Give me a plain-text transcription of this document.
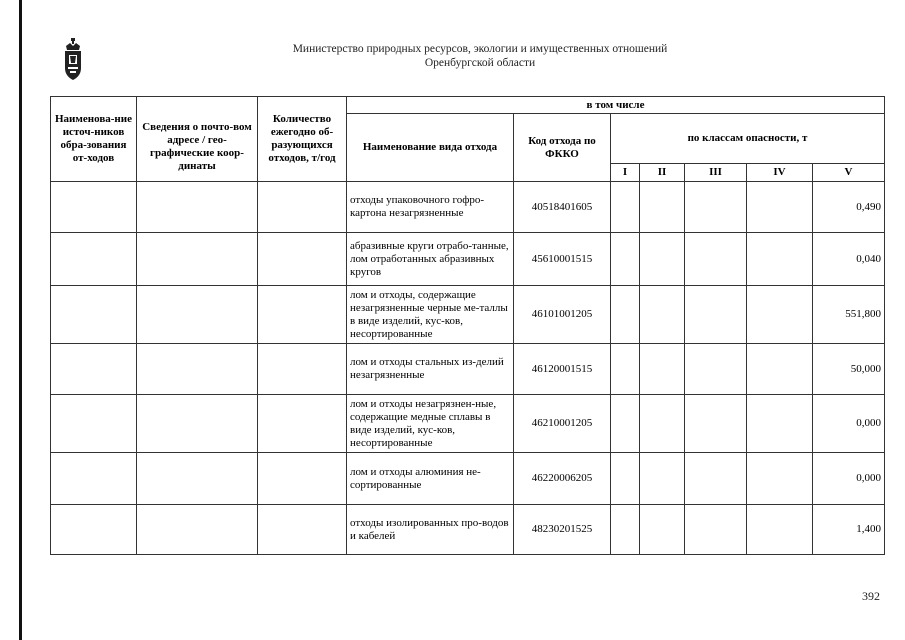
Министерство природных ресурсов, экологии и имущественных отношений
Оренбургской области
Наименова-ние источ-ников обра-зования от-ходов	Сведения о почто-вом адресе / гео-графические коор-динаты	Количество ежегодно об-разующихся отходов, т/год	в том числе						
			Наименование вида отхода	Код отхода по ФККО	по классам опасности, т				
					I	II	III	IV	V
			отходы упаковочного гофро-картона незагрязненные	40518401605					0,490
			абразивные круги отрабо-танные, лом отработанных абразивных кругов	45610001515					0,040
			лом и отходы, содержащие незагрязненные черные ме-таллы в виде изделий, кус-ков, несортированные	46101001205					551,800
			лом и отходы стальных из-делий незагрязненные	46120001515					50,000
			лом и отходы незагрязнен-ные, содержащие медные сплавы в виде изделий, кус-ков, несортированные	46210001205					0,000
			лом и отходы алюминия не-сортированные	46220006205					0,000
			отходы изолированных про-водов и кабелей	48230201525					1,400
392
